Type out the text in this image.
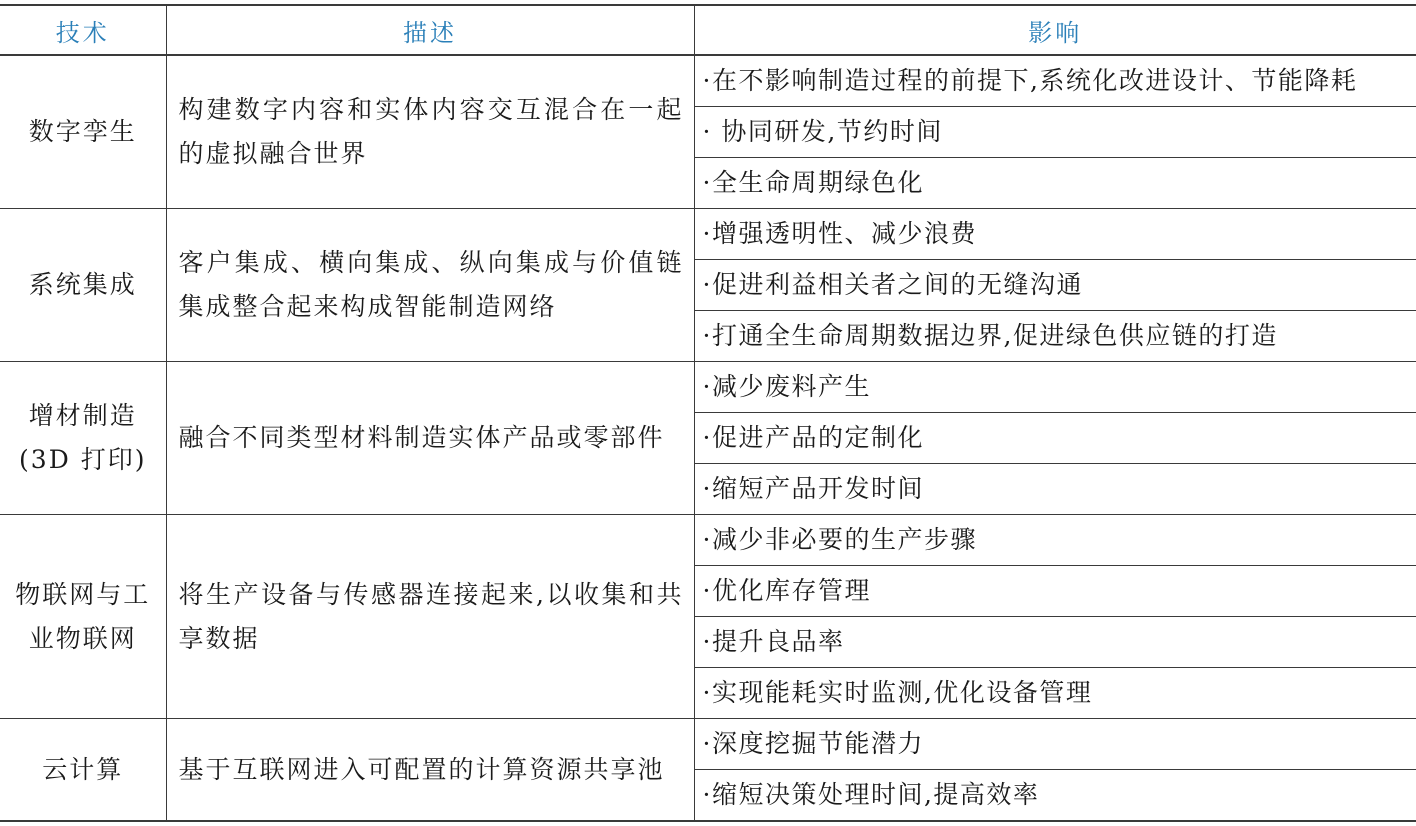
技术	描述	影响
数字孪生	构建数字内容和实体内容交互混合在一起的虚拟融合世界	·在不影响制造过程的前提下,系统化改进设计、节能降耗
		· 协同研发,节约时间
		·全生命周期绿色化
系统集成	客户集成、横向集成、纵向集成与价值链集成整合起来构成智能制造网络	·增强透明性、减少浪费
		·促进利益相关者之间的无缝沟通
		·打通全生命周期数据边界,促进绿色供应链的打造
增材制造(3D 打印)	融合不同类型材料制造实体产品或零部件	·减少废料产生
		·促进产品的定制化
		·缩短产品开发时间
物联网与工业物联网	将生产设备与传感器连接起来,以收集和共享数据	·减少非必要的生产步骤
		·优化库存管理
		·提升良品率
		·实现能耗实时监测,优化设备管理
云计算	基于互联网进入可配置的计算资源共享池	·深度挖掘节能潜力
		·缩短决策处理时间,提高效率
